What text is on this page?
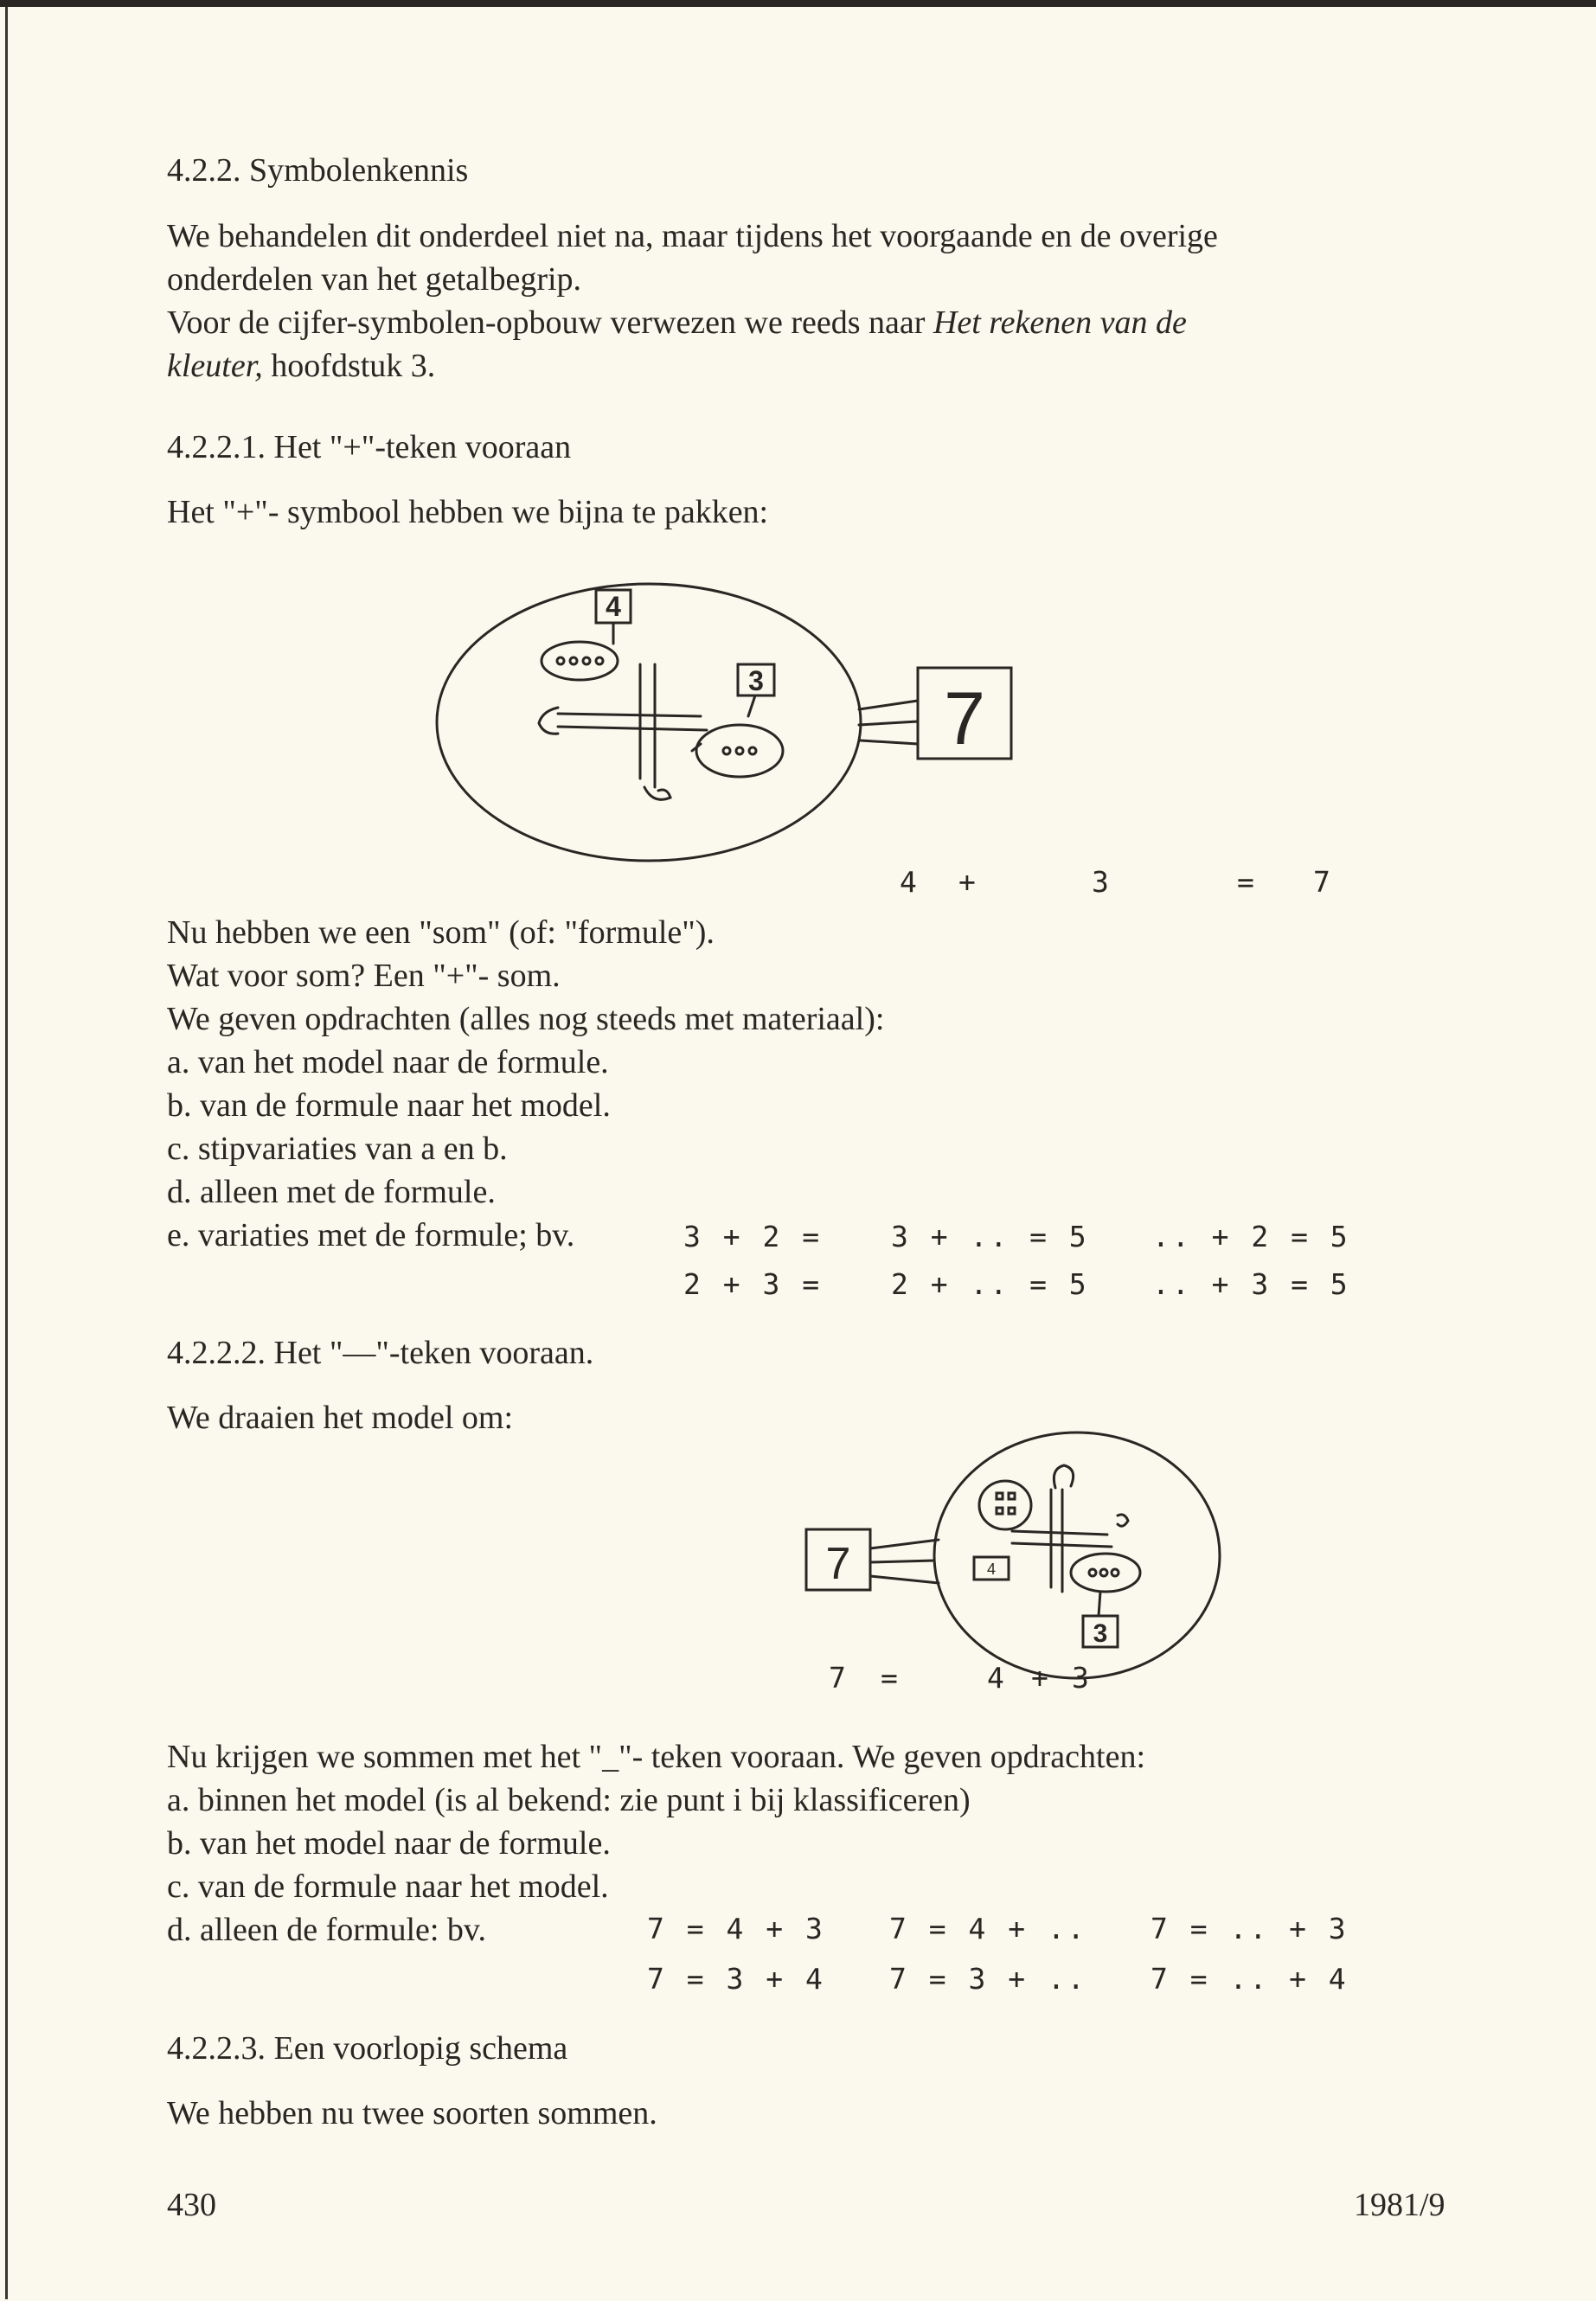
4.2.2. Symbolenkennis
We behandelen dit onderdeel niet na, maar tijdens het voorgaande en de overige
onderdelen van het getalbegrip.
Voor de cijfer-symbolen-opbouw verwezen we reeds naar Het rekenen van de
kleuter, hoofdstuk 3.
4.2.2.1. Het "+"-teken vooraan
Het "+"- symbool hebben we bijna te pakken:
4
3 7
4 +	3	= 7
Nu hebben we een "som" (of: "formule").
Wat voor som? Een "+"- som.
We geven opdrachten (alles nog steeds met materiaal):
a. van het model naar de formule.
b. van de formule naar het model.
c. stipvariaties van a en b.
d. alleen met de formule.
e. variaties met de formule; bv.	3 + 2 = 3 + .. = 5 .. + 2 = 5
2 + 3 = 2 + .. = 5 .. + 3 = 5
4.2.2.2. Het "—"-teken vooraan.
We draaien het model om:
7	4
3
7 =	4 + 3
Nu krijgen we sommen met het "_"- teken vooraan. We geven opdrachten:
a. binnen het model (is al bekend: zie punt i bij klassificeren)
b. van het model naar de formule.
c. van de formule naar het model.
d. alleen de formule: bv.	7 = 4 + 3 7 = 4 + .. 7 = .. + 3
7 = 3 + 4 7 = 3 + .. 7 = .. + 4
4.2.2.3. Een voorlopig schema
We hebben nu twee soorten sommen.
430	1981/9
